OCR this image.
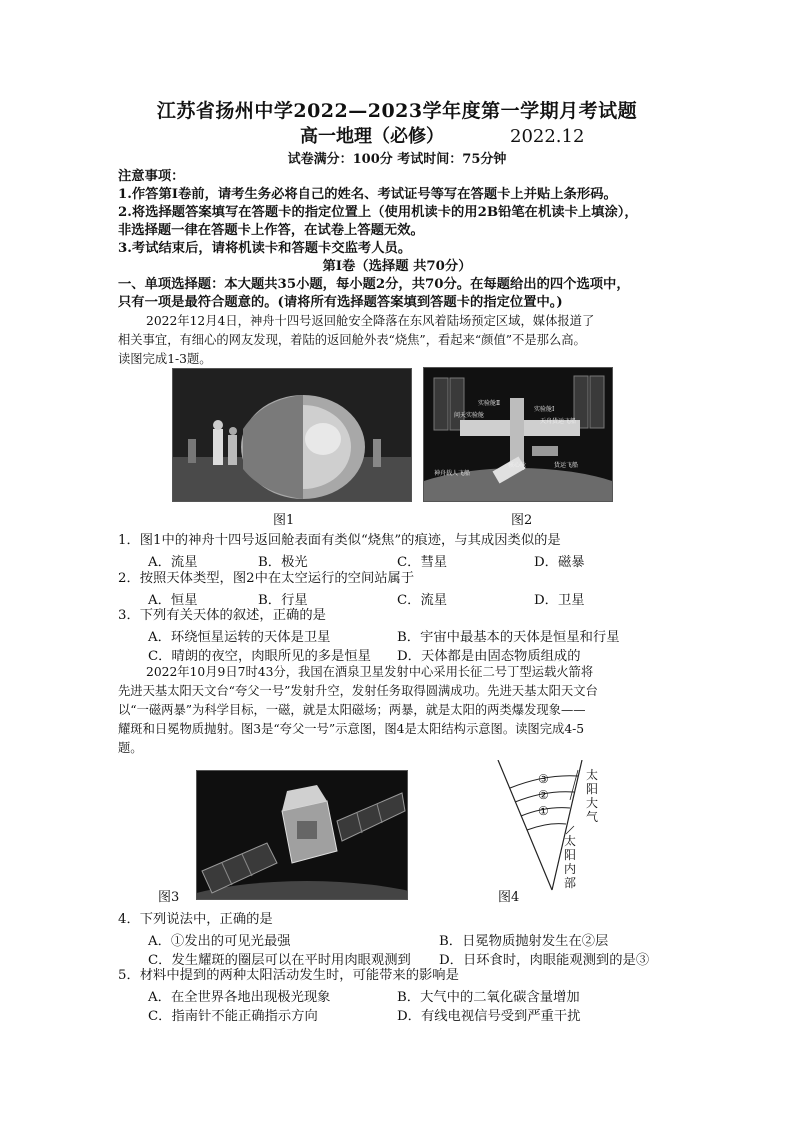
江苏省扬州中学2022—2023学年度第一学期月考试题
高一地理（必修）	2022.12
试卷满分：100分 考试时间：75分钟
注意事项：
1.作答第Ⅰ卷前，请考生务必将自己的姓名、考试证号等写在答题卡上并贴上条形码。
2.将选择题答案填写在答题卡的指定位置上（使用机读卡的用2B铅笔在机读卡上填涂），
非选择题一律在答题卡上作答，在试卷上答题无效。
3.考试结束后，请将机读卡和答题卡交监考人员。
第Ⅰ卷（选择题 共70分）
一、单项选择题：本大题共35小题，每小题2分，共70分。在每题给出的四个选项中，
只有一项是最符合题意的。(请将所有选择题答案填到答题卡的指定位置中。)
2022年12月4日，神舟十四号返回舱安全降落在东风着陆场预定区域，媒体报道了
相关事宜，有细心的网友发现，着陆的返回舱外表“烧焦”，看起来“颜值”不是那么高。
读图完成1-3题。
实验舱Ⅱ
问天实验舱
实验舱Ⅰ
天舟货运飞船
神舟载人飞船
核心舱	货运飞船
图1	图2
1．图1中的神舟十四号返回舱表面有类似“烧焦”的痕迹，与其成因类似的是
A．流星	B．极光	C．彗星	D．磁暴
2．按照天体类型，图2中在太空运行的空间站属于
A．恒星	B．行星	C．流星	D．卫星
3．下列有关天体的叙述，正确的是
A．环绕恒星运转的天体是卫星	B．宇宙中最基本的天体是恒星和行星
C．晴朗的夜空，肉眼所见的多是恒星 D．天体都是由固态物质组成的
2022年10月9日7时43分，我国在酒泉卫星发射中心采用长征二号丁型运载火箭将
先进天基太阳天文台“夸父一号”发射升空，发射任务取得圆满成功。先进天基太阳天文台
以“一磁两暴”为科学目标，一磁，就是太阳磁场；两暴，就是太阳的两类爆发现象——
耀斑和日冕物质抛射。图3是“夸父一号”示意图，图4是太阳结构示意图。读图完成4-5
题。
图3
③
②
①
太
阳
大
气
太
阳
内
部
图4
4．下列说法中，正确的是
A．①发出的可见光最强	B．日冕物质抛射发生在②层
C．发生耀斑的圈层可以在平时用肉眼观测到 D．日环食时，肉眼能观测到的是③
5．材料中提到的两种太阳活动发生时，可能带来的影响是
A．在全世界各地出现极光现象	B．大气中的二氧化碳含量增加
C．指南针不能正确指示方向	D．有线电视信号受到严重干扰
